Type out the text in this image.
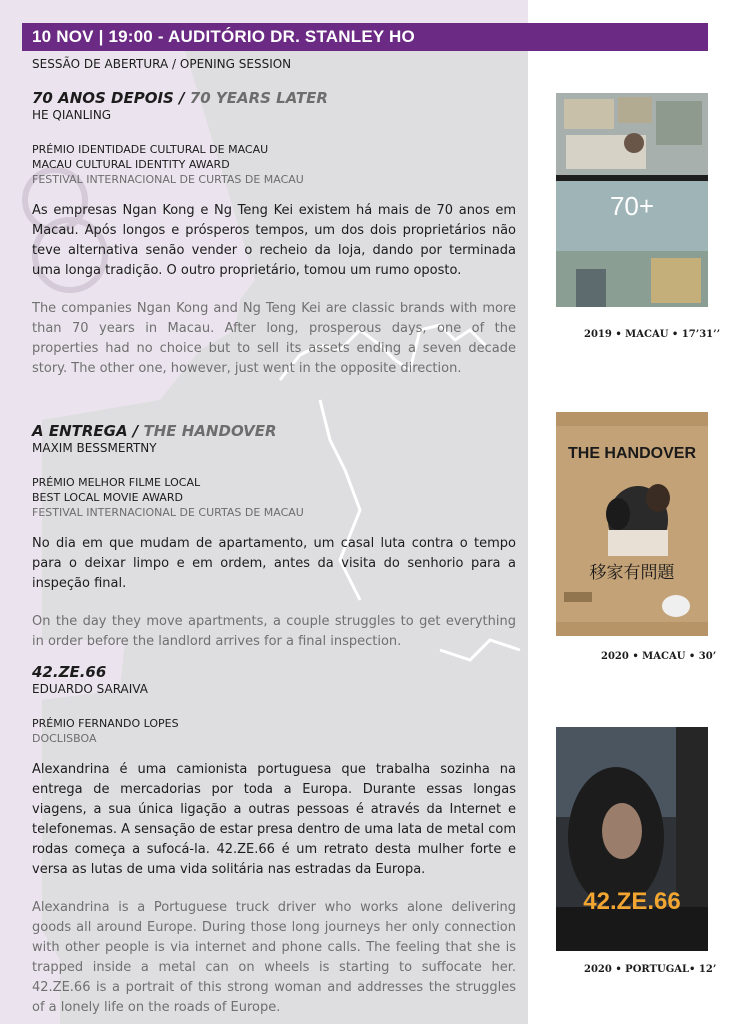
10 NOV | 19:00 - AUDITÓRIO DR. STANLEY HO
SESSÃO DE ABERTURA / OPENING SESSION

70 ANOS DEPOIS / 70 YEARS LATER

HE QIANLING

PRÉMIO IDENTIDADE CULTURAL DE MACAU

MACAU CULTURAL IDENTITY AWARD

FESTIVAL INTERNACIONAL DE CURTAS DE MACAU

As empresas Ngan Kong e Ng Teng Kei existem há mais de 70 anos em Macau. Após longos e prósperos tempos, um dos dois proprietários não teve alternativa senão vender o recheio da loja, dando por terminada uma longa tradição. O outro proprietário, tomou um rumo oposto.

The companies Ngan Kong and Ng Teng Kei are classic brands with more than 70 years in Macau. After long, prosperous days, one of the properties had no choice but to sell its assets ending a seven decade story. The other one, however, just went in the opposite direction.

A ENTREGA / THE HANDOVER

MAXIM BESSMERTNY

PRÉMIO MELHOR FILME LOCAL

BEST LOCAL MOVIE AWARD

FESTIVAL INTERNACIONAL DE CURTAS DE MACAU

No dia em que mudam de apartamento, um casal luta contra o tempo para o deixar limpo e em ordem, antes da visita do senhorio para a inspeção final.

On the day they move apartments, a couple struggles to get everything in order before the landlord arrives for a final inspection.

42.ZE.66

EDUARDO SARAIVA

PRÉMIO FERNANDO LOPES

DOCLISBOA

Alexandrina é uma camionista portuguesa que trabalha sozinha na entrega de mercadorias por toda a Europa. Durante essas longas viagens, a sua única ligação a outras pessoas é através da Internet e telefonemas. A sensação de estar presa dentro de uma lata de metal com rodas começa a sufocá-la. 42.ZE.66 é um retrato desta mulher forte e versa as lutas de uma vida solitária nas estradas da Europa.

Alexandrina is a Portuguese truck driver who works alone delivering goods all around Europe. During those long journeys her only connection with other people is via internet and phone calls. The feeling that she is trapped inside a metal can on wheels is starting to suffocate her. 42.ZE.66 is a portrait of this strong woman and addresses the struggles of a lonely life on the roads of Europe.

70+
2019 • MACAU • 17’31’’
THE HANDOVER
移家有問題
2020 • MACAU • 30’
42.ZE.66
2020 • PORTUGAL• 12’
